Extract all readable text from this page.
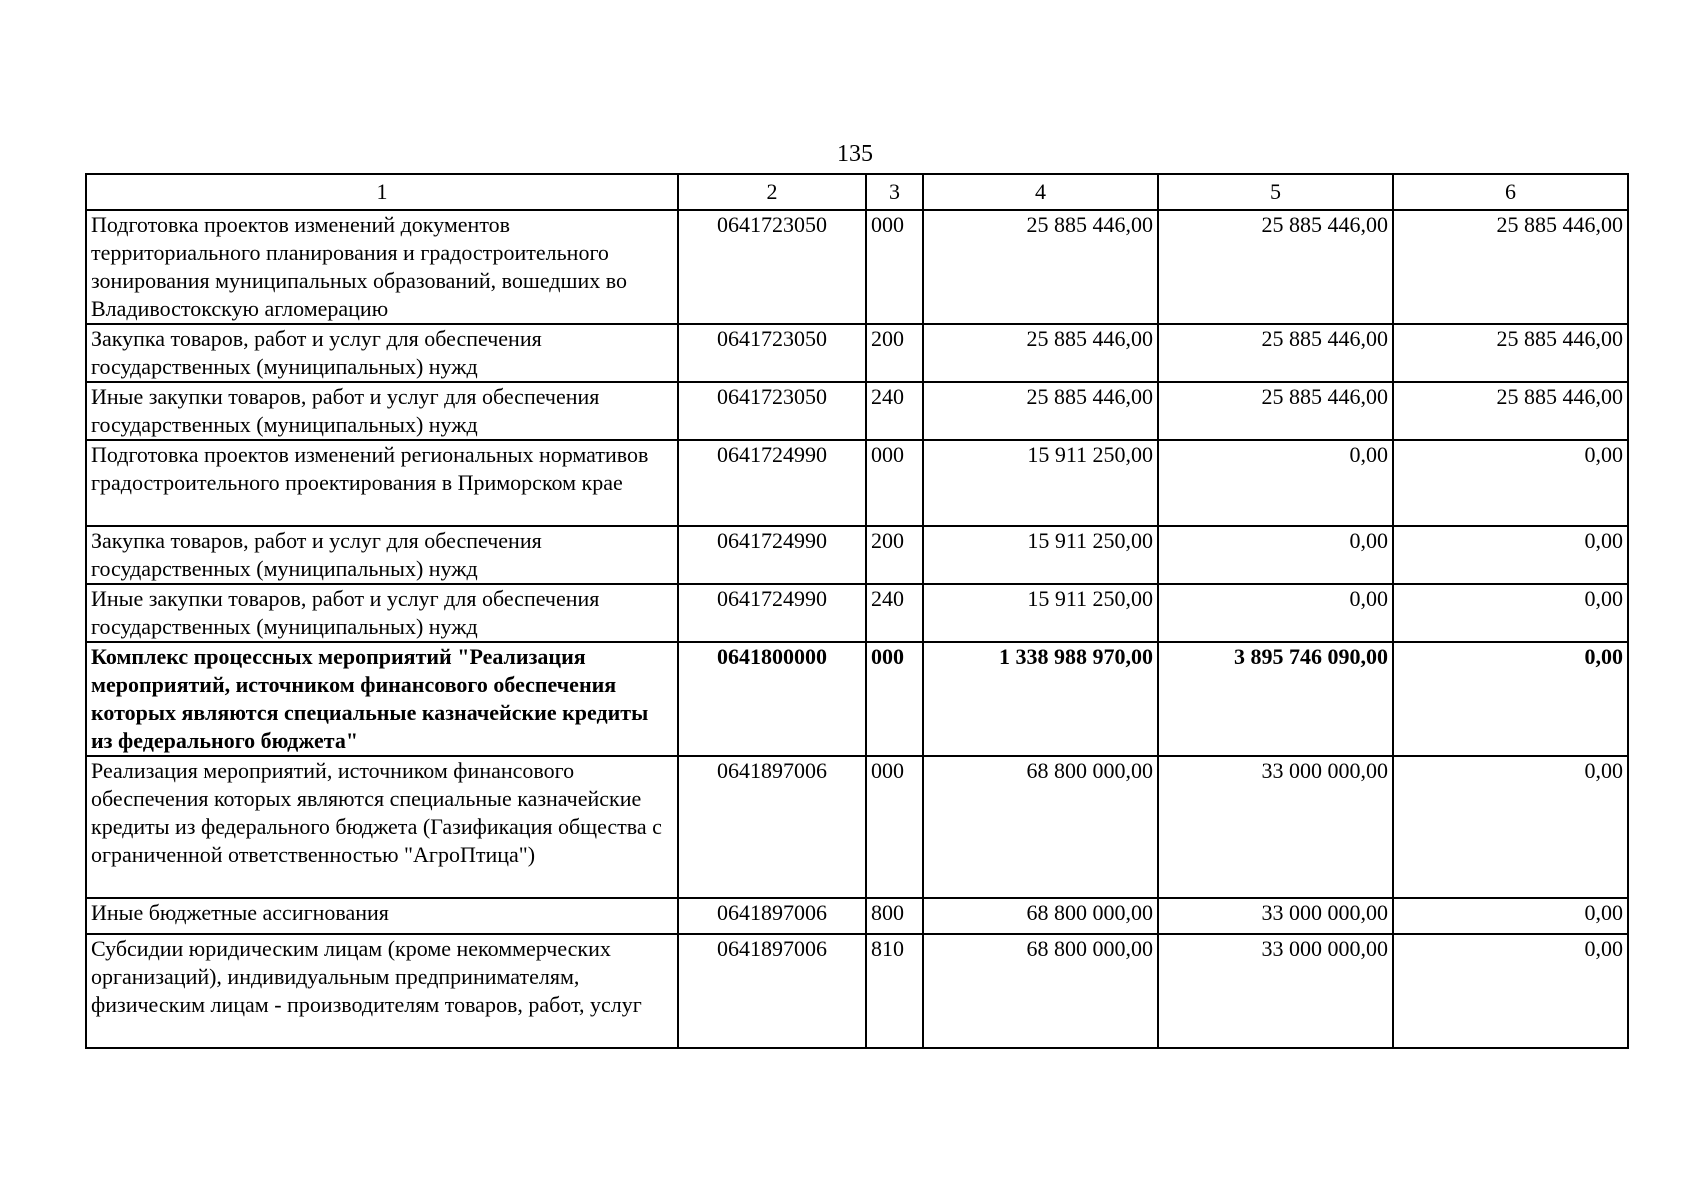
135
1	2	3	4	5	6
Подготовка проектов изменений документов территориального планирования и градостроительного зонирования муниципальных образований, вошедших во Владивостокскую агломерацию	0641723050	000	25 885 446,00	25 885 446,00	25 885 446,00
Закупка товаров, работ и услуг для обеспечения государственных (муниципальных) нужд	0641723050	200	25 885 446,00	25 885 446,00	25 885 446,00
Иные закупки товаров, работ и услуг для обеспечения государственных (муниципальных) нужд	0641723050	240	25 885 446,00	25 885 446,00	25 885 446,00
Подготовка проектов изменений региональных нормативов градостроительного проектирования в Приморском крае	0641724990	000	15 911 250,00	0,00	0,00
Закупка товаров, работ и услуг для обеспечения государственных (муниципальных) нужд	0641724990	200	15 911 250,00	0,00	0,00
Иные закупки товаров, работ и услуг для обеспечения государственных (муниципальных) нужд	0641724990	240	15 911 250,00	0,00	0,00
Комплекс процессных мероприятий "Реализация мероприятий, источником финансового обеспечения которых являются специальные казначейские кредиты из федерального бюджета"	0641800000	000	1 338 988 970,00	3 895 746 090,00	0,00
Реализация мероприятий, источником финансового обеспечения которых являются специальные казначейские кредиты из федерального бюджета (Газификация общества с ограниченной ответственностью "АгроПтица")	0641897006	000	68 800 000,00	33 000 000,00	0,00
Иные бюджетные ассигнования	0641897006	800	68 800 000,00	33 000 000,00	0,00
Субсидии юридическим лицам (кроме некоммерческих организаций), индивидуальным предпринимателям, физическим лицам - производителям товаров, работ, услуг	0641897006	810	68 800 000,00	33 000 000,00	0,00
